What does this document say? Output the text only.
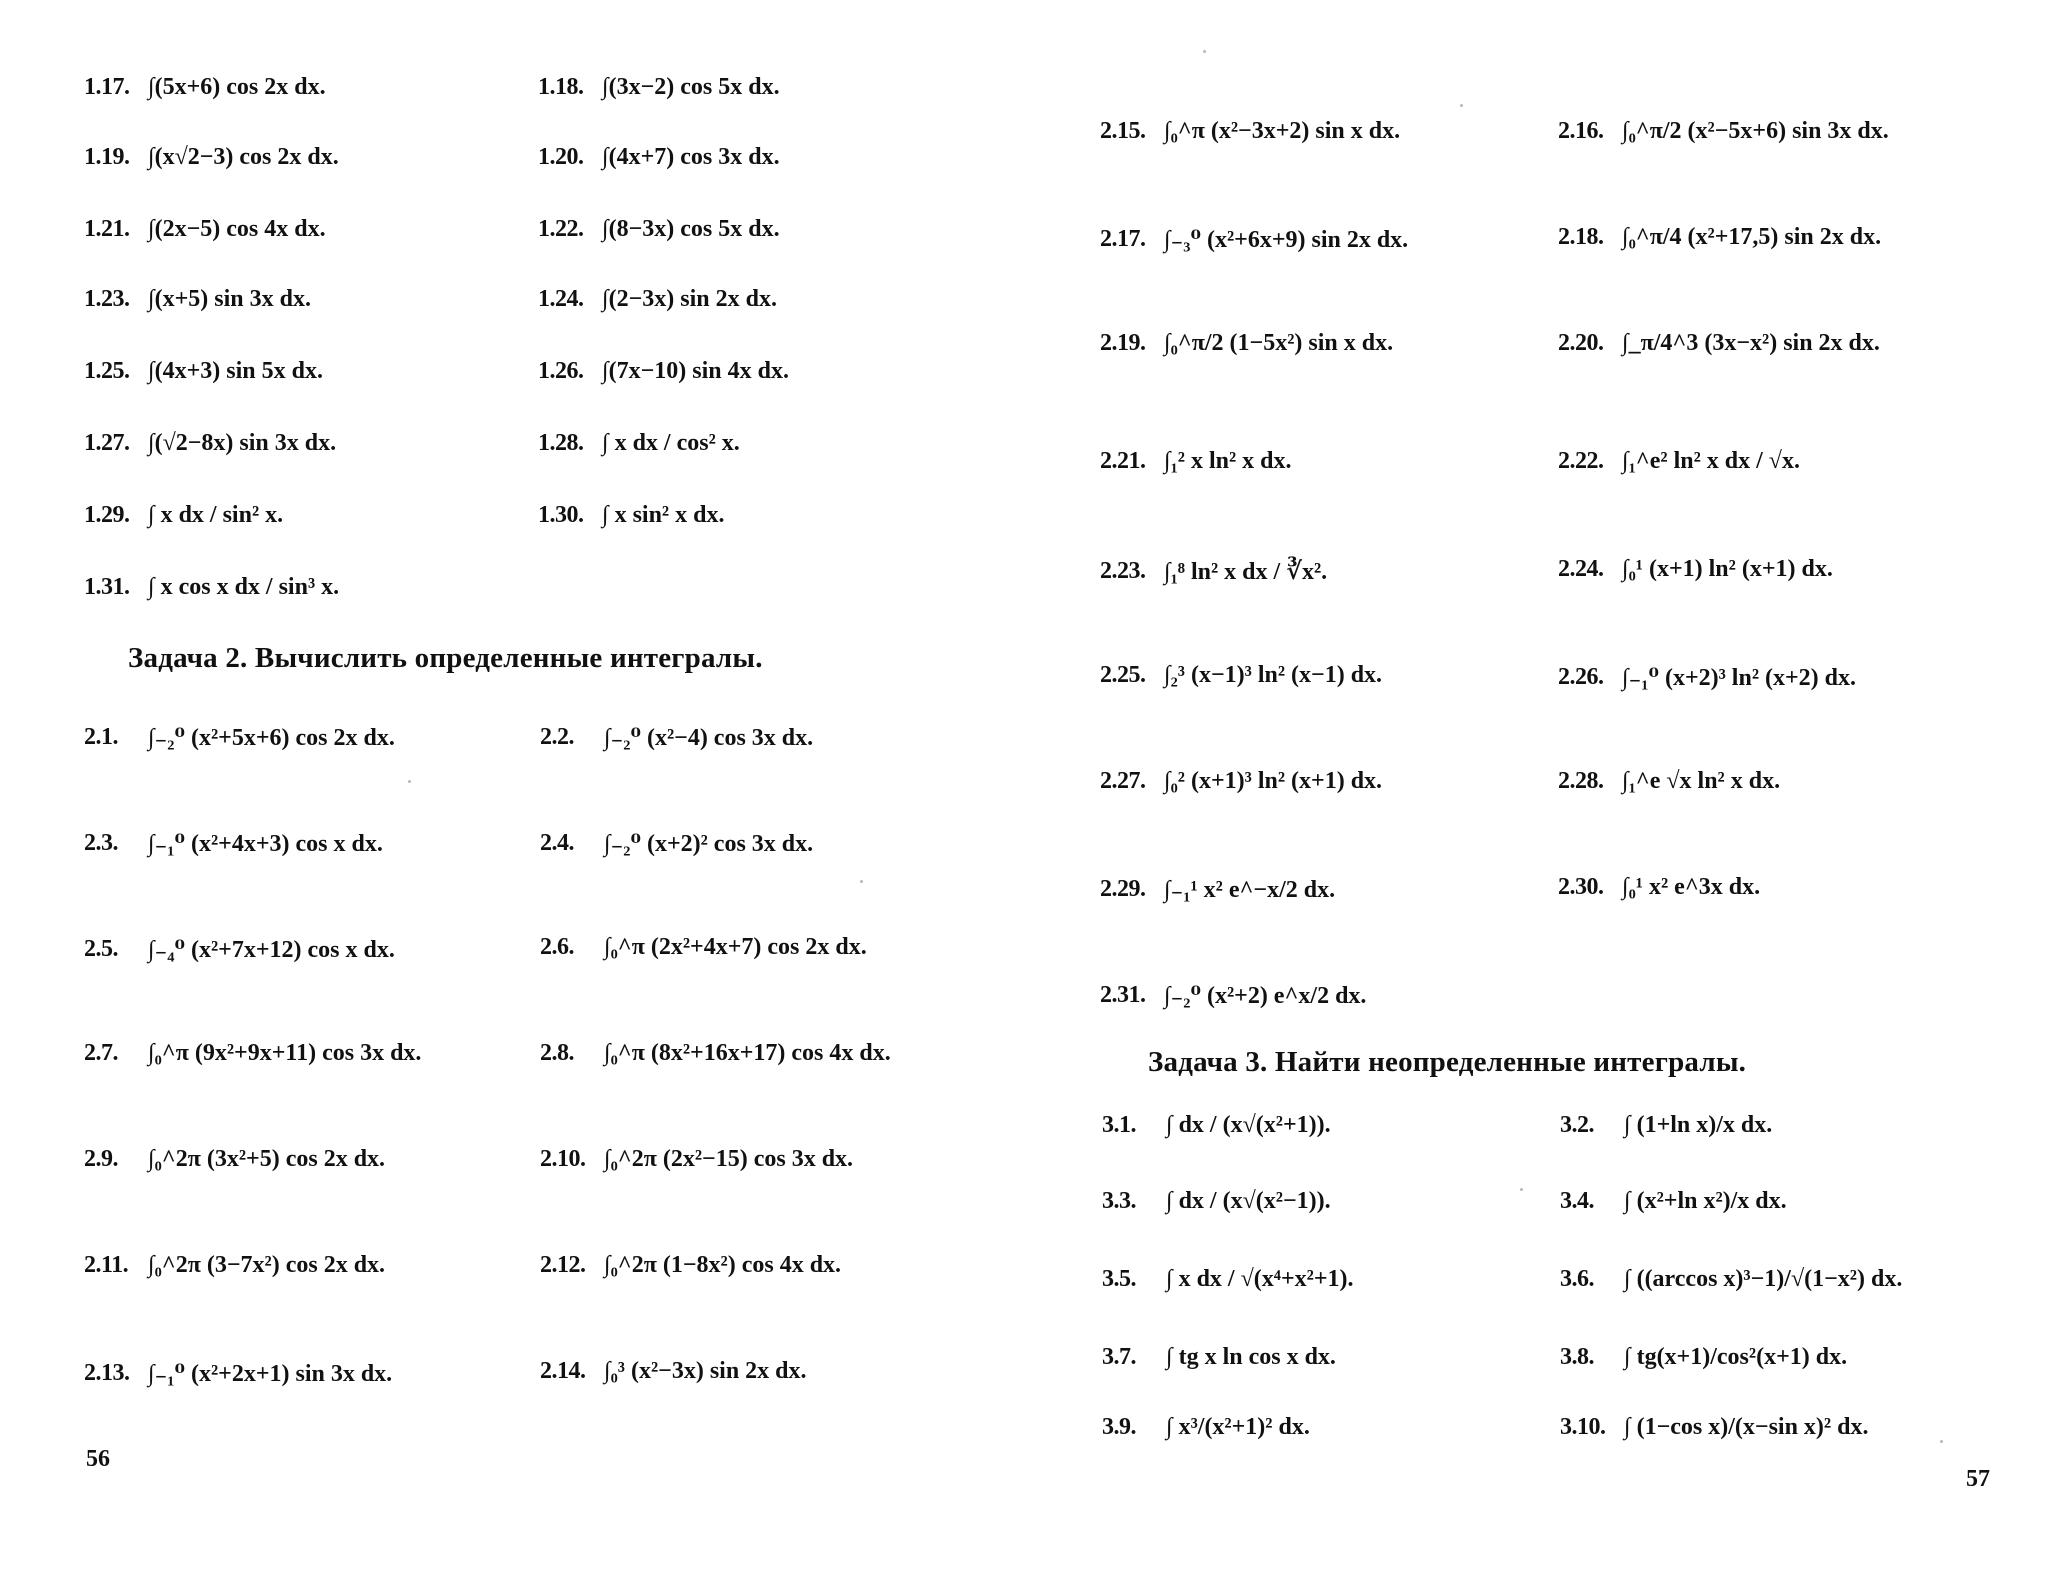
1.17. ∫(5x+6) cos 2x dx.	1.18. ∫(3x−2) cos 5x dx.
1.19. ∫(x√2−3) cos 2x dx.	1.20. ∫(4x+7) cos 3x dx.
1.21. ∫(2x−5) cos 4x dx.	1.22. ∫(8−3x) cos 5x dx.
1.23. ∫(x+5) sin 3x dx.	1.24. ∫(2−3x) sin 2x dx.
1.25. ∫(4x+3) sin 5x dx.	1.26. ∫(7x−10) sin 4x dx.
1.27. ∫(√2−8x) sin 3x dx.	1.28. ∫ x dx / cos² x.
1.29. ∫ x dx / sin² x.	1.30. ∫ x sin² x dx.
1.31. ∫ x cos x dx / sin³ x.
Задача 2. Вычислить определенные интегралы.
2.1.	∫₋₂⁰ (x²+5x+6) cos 2x dx.	2.2.	∫₋₂⁰ (x²−4) cos 3x dx.
2.3.	∫₋₁⁰ (x²+4x+3) cos x dx.	2.4.	∫₋₂⁰ (x+2)² cos 3x dx.
2.5.	∫₋₄⁰ (x²+7x+12) cos x dx.	2.6.	∫₀^π (2x²+4x+7) cos 2x dx.
2.7.	∫₀^π (9x²+9x+11) cos 3x dx.	2.8.	∫₀^π (8x²+16x+17) cos 4x dx.
2.9.	∫₀^2π (3x²+5) cos 2x dx.	2.10. ∫₀^2π (2x²−15) cos 3x dx.
2.11. ∫₀^2π (3−7x²) cos 2x dx.	2.12. ∫₀^2π (1−8x²) cos 4x dx.
2.13. ∫₋₁⁰ (x²+2x+1) sin 3x dx.	2.14. ∫₀³ (x²−3x) sin 2x dx.
56
2.15. ∫₀^π (x²−3x+2) sin x dx.	2.16. ∫₀^π/2 (x²−5x+6) sin 3x dx.
2.17. ∫₋₃⁰ (x²+6x+9) sin 2x dx.	2.18. ∫₀^π/4 (x²+17,5) sin 2x dx.
2.19. ∫₀^π/2 (1−5x²) sin x dx.	2.20. ∫_π/4^3 (3x−x²) sin 2x dx.
2.21. ∫₁² x ln² x dx.	2.22. ∫₁^e² ln² x dx / √x.
2.23. ∫₁⁸ ln² x dx / ∛x².	2.24. ∫₀¹ (x+1) ln² (x+1) dx.
2.25. ∫₂³ (x−1)³ ln² (x−1) dx.	2.26. ∫₋₁⁰ (x+2)³ ln² (x+2) dx.
2.27. ∫₀² (x+1)³ ln² (x+1) dx.	2.28. ∫₁^e √x ln² x dx.
2.29. ∫₋₁¹ x² e^−x/2 dx.	2.30. ∫₀¹ x² e^3x dx.
2.31. ∫₋₂⁰ (x²+2) e^x/2 dx.
Задача 3. Найти неопределенные интегралы.
3.1.	∫ dx / (x√(x²+1)).	3.2.	∫ (1+ln x)/x dx.
3.3.	∫ dx / (x√(x²−1)).	3.4.	∫ (x²+ln x²)/x dx.
3.5.	∫ x dx / √(x⁴+x²+1).	3.6.	∫ ((arccos x)³−1)/√(1−x²) dx.
3.7.	∫ tg x ln cos x dx.	3.8.	∫ tg(x+1)/cos²(x+1) dx.
3.9.	∫ x³/(x²+1)² dx.	3.10. ∫ (1−cos x)/(x−sin x)² dx.
57
